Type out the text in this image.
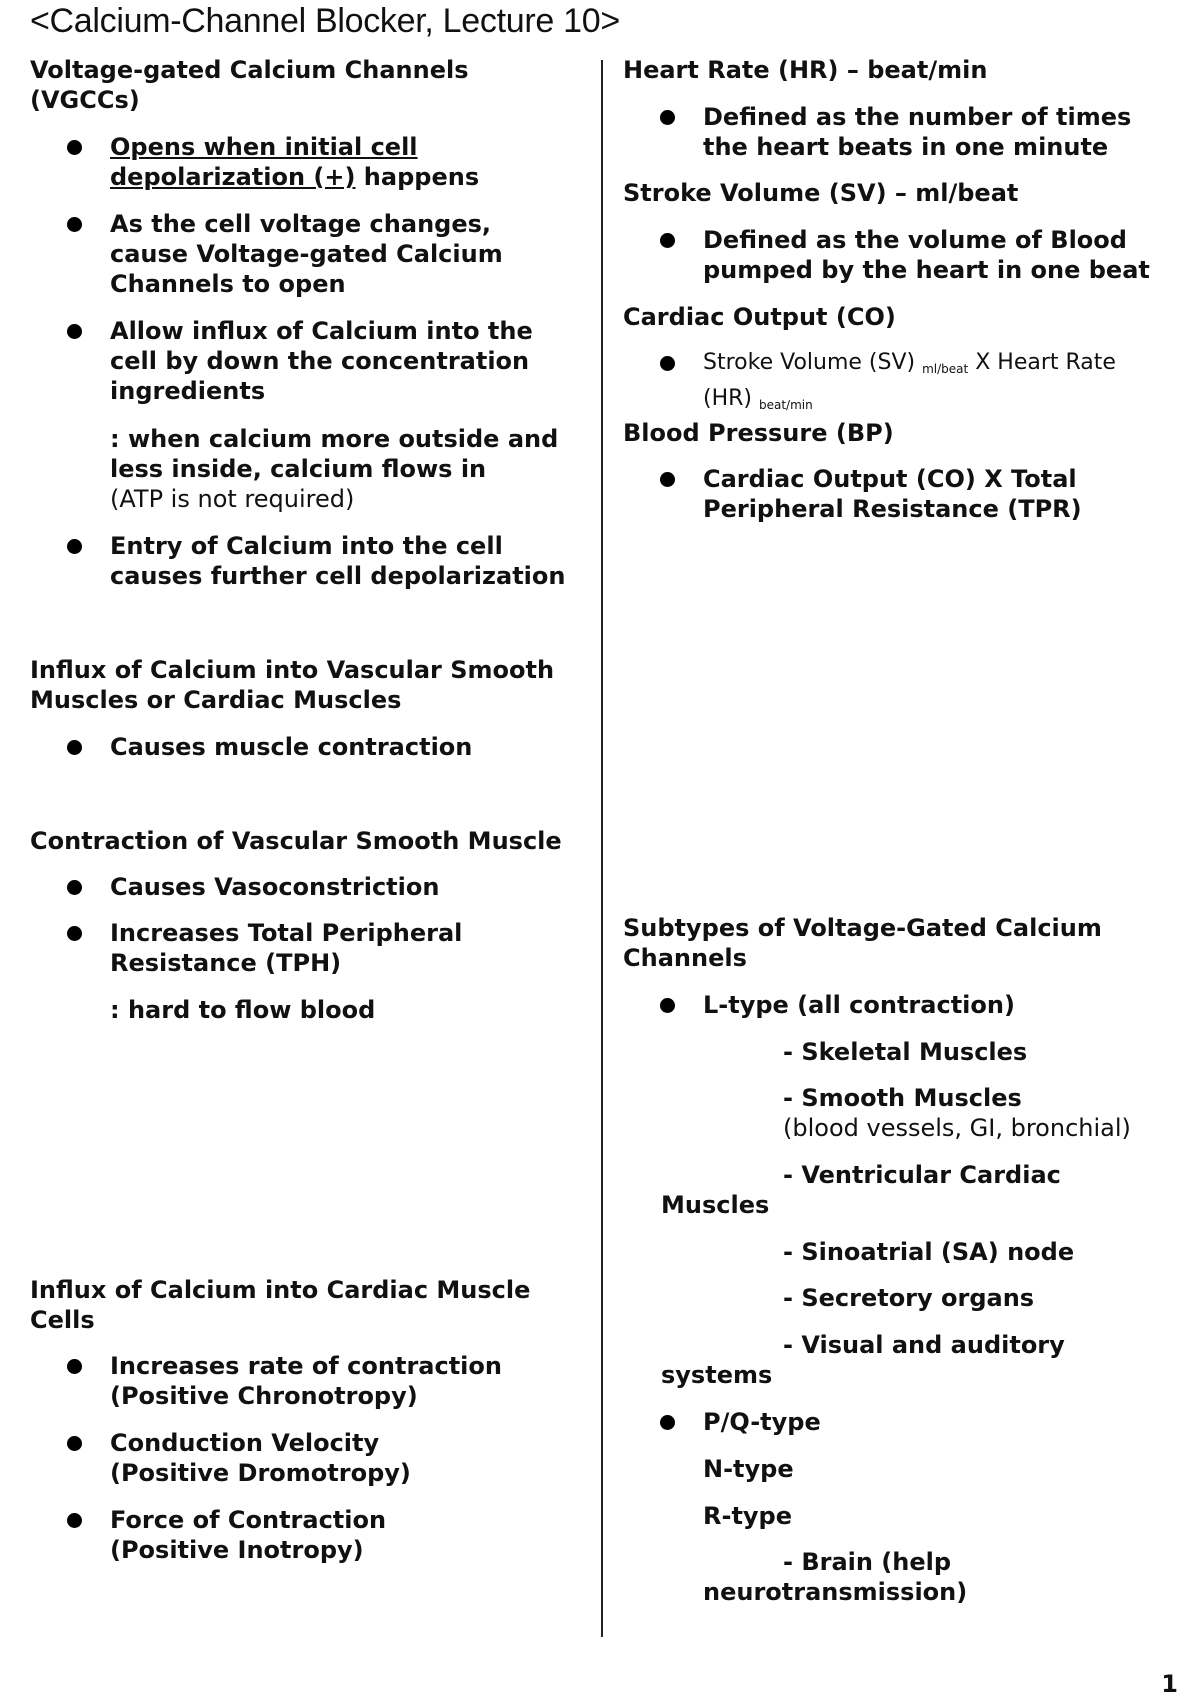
<Calcium-Channel Blocker, Lecture 10>
Voltage-gated Calcium Channels
(VGCCs)
Opens when initial cell
depolarization (+) happens
As the cell voltage changes,
cause Voltage-gated Calcium
Channels to open
Allow influx of Calcium into the
cell by down the concentration
ingredients
: when calcium more outside and
less inside, calcium flows in
(ATP is not required)
Entry of Calcium into the cell
causes further cell depolarization
Influx of Calcium into Vascular Smooth
Muscles or Cardiac Muscles
Causes muscle contraction
Contraction of Vascular Smooth Muscle
Causes Vasoconstriction
Increases Total Peripheral
Resistance (TPH)
: hard to flow blood
Influx of Calcium into Cardiac Muscle
Cells
Increases rate of contraction
(Positive Chronotropy)
Conduction Velocity
(Positive Dromotropy)
Force of Contraction
(Positive Inotropy)
Heart Rate (HR) – beat/min
Defined as the number of times
the heart beats in one minute
Stroke Volume (SV) – ml/beat
Defined as the volume of Blood
pumped by the heart in one beat
Cardiac Output (CO)
Stroke Volume (SV) $_{ml/beat}$ X Heart Rate
(HR) $_{beat/min}$
Blood Pressure (BP)
Cardiac Output (CO) X Total
Peripheral Resistance (TPR)
Subtypes of Voltage-Gated Calcium
Channels
L-type (all contraction)
- Skeletal Muscles
- Smooth Muscles
(blood vessels, GI, bronchial)
- Ventricular Cardiac
Muscles
- Sinoatrial (SA) node
- Secretory organs
- Visual and auditory
systems
P/Q-type
N-type
R-type
- Brain (help
neurotransmission)
1
